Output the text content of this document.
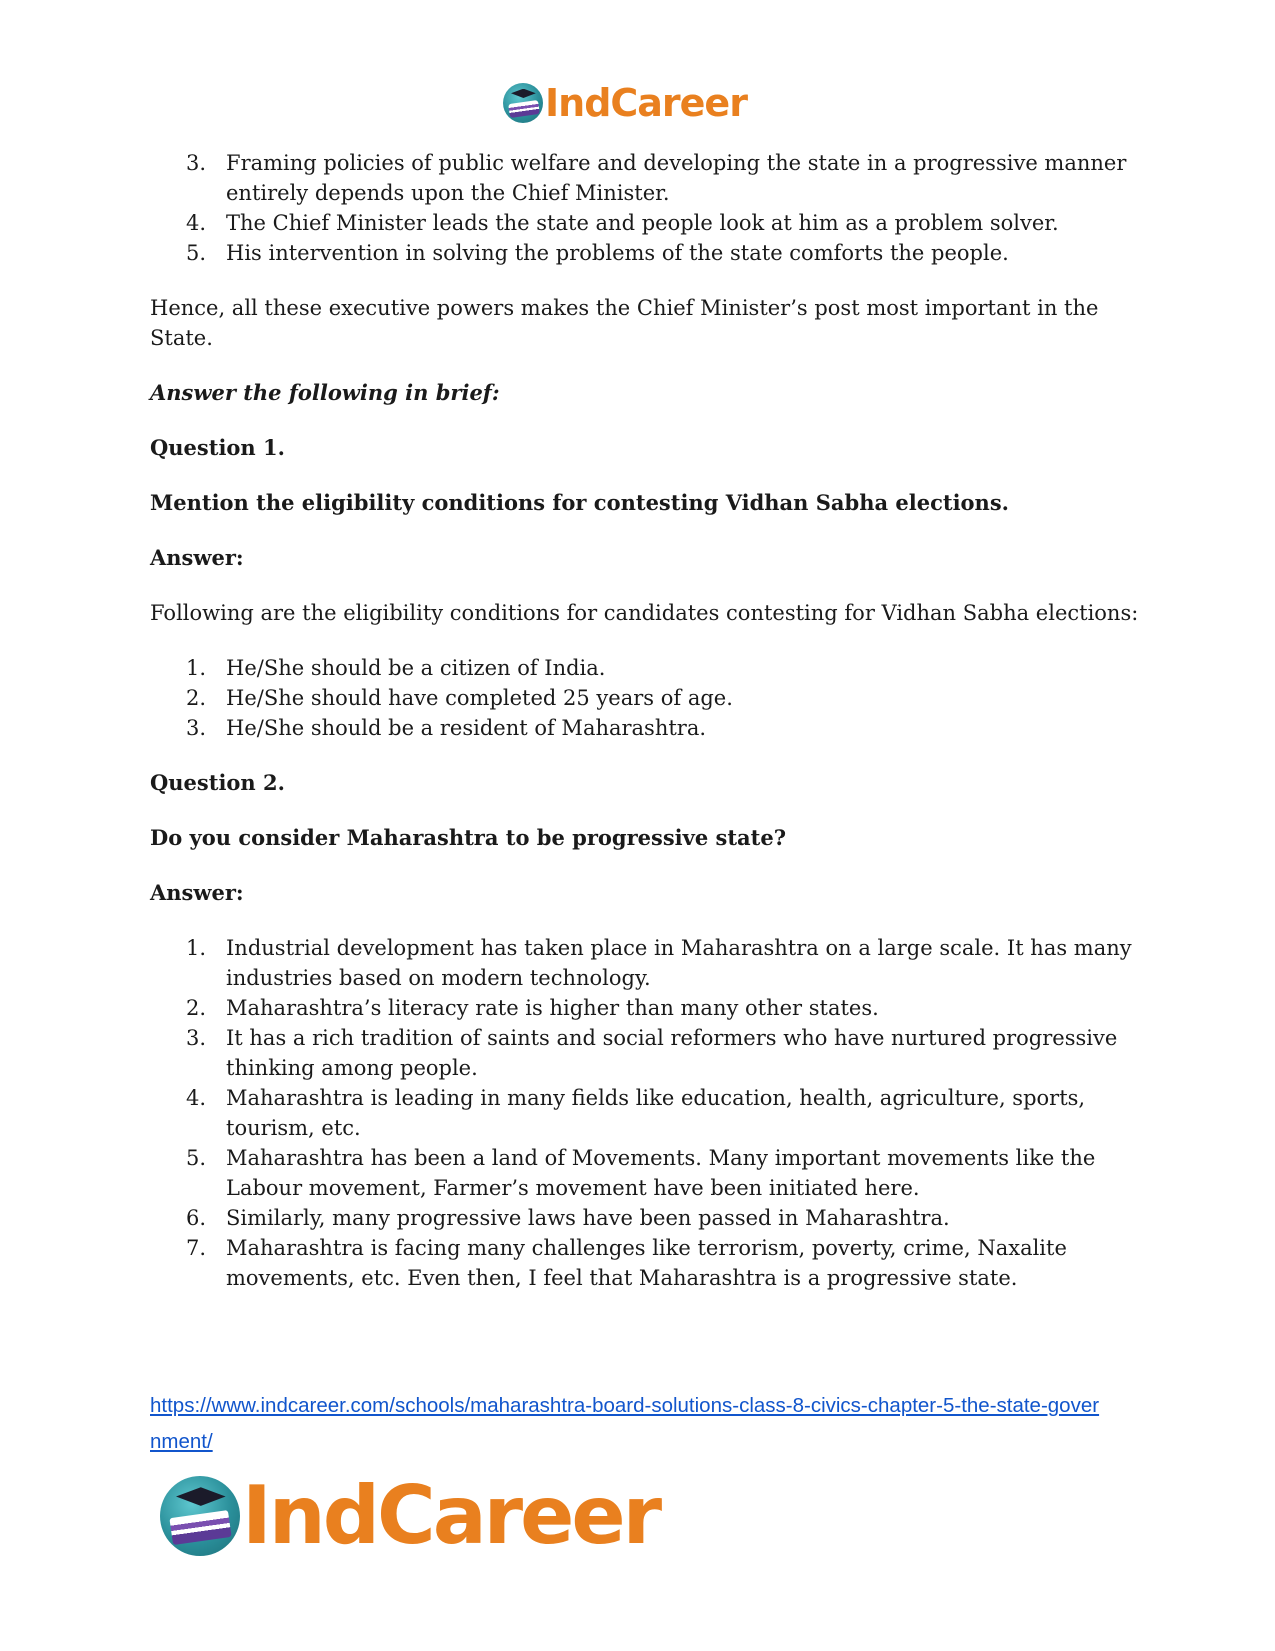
IndCareer
3. Framing policies of public welfare and developing the state in a progressive manner entirely depends upon the Chief Minister.
4. The Chief Minister leads the state and people look at him as a problem solver.
5. His intervention in solving the problems of the state comforts the people.

Hence, all these executive powers makes the Chief Minister’s post most important in the State.

Answer the following in brief:

Question 1.

Mention the eligibility conditions for contesting Vidhan Sabha elections.

Answer:

Following are the eligibility conditions for candidates contesting for Vidhan Sabha elections:

1. He/She should be a citizen of India.
2. He/She should have completed 25 years of age.
3. He/She should be a resident of Maharashtra.

Question 2.

Do you consider Maharashtra to be progressive state?

Answer:

1. Industrial development has taken place in Maharashtra on a large scale. It has many industries based on modern technology.
2. Maharashtra’s literacy rate is higher than many other states.
3. It has a rich tradition of saints and social reformers who have nurtured progressive thinking among people.
4. Maharashtra is leading in many fields like education, health, agriculture, sports, tourism, etc.
5. Maharashtra has been a land of Movements. Many important movements like the Labour movement, Farmer’s movement have been initiated here.
6. Similarly, many progressive laws have been passed in Maharashtra.
7. Maharashtra is facing many challenges like terrorism, poverty, crime, Naxalite movements, etc. Even then, I feel that Maharashtra is a progressive state.
https://www.indcareer.com/schools/maharashtra-board-solutions-class-8-civics-chapter-5-the-state-government/
IndCareer
